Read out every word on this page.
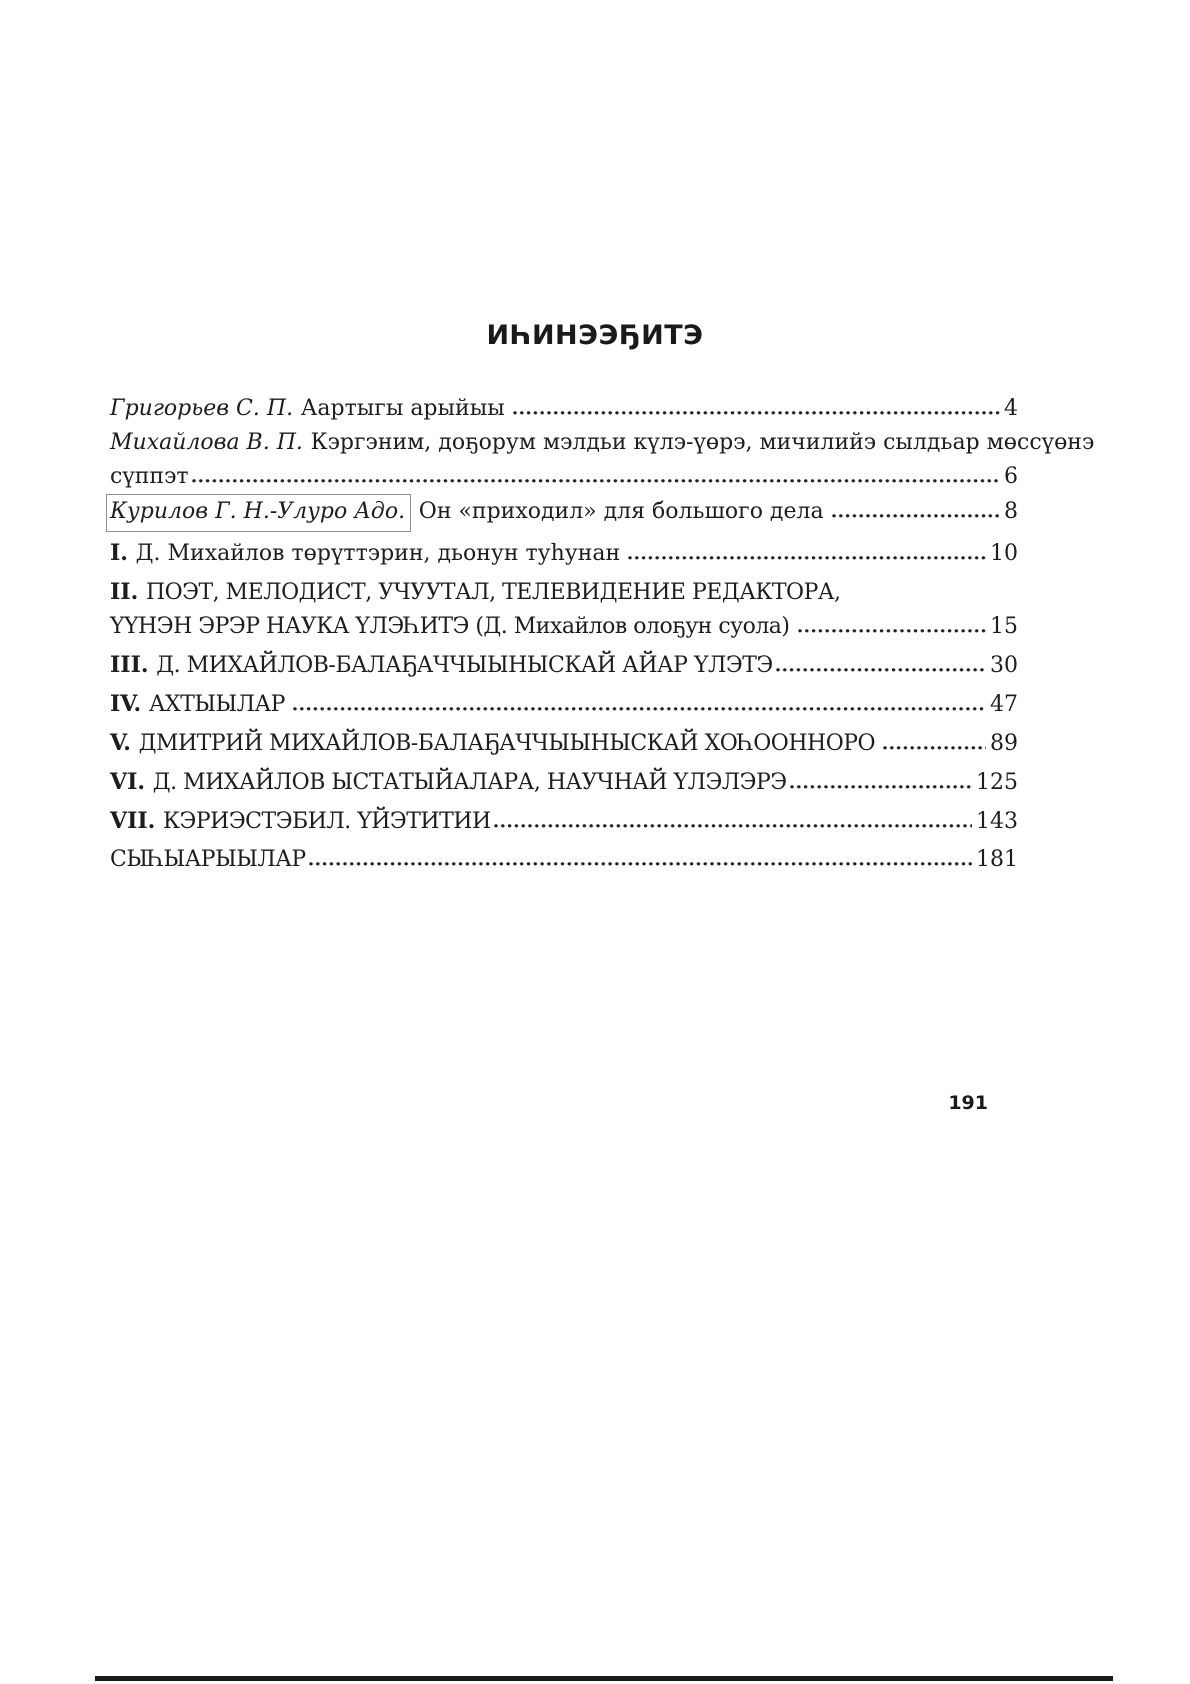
ИҺИНЭЭҔИТЭ
Григорьев С. П. Аартыгы арыйыы	4
Михайлова В. П. Кэргэним, доҕорум мэлдьи күлэ-үөрэ, мичилийэ сылдьар мөссүөнэ
сүппэт	6
Курилов Г. Н.-Улуро Адо. Он «приходил» для большого дела	8
I. Д. Михайлов төрүттэрин, дьонун туһунан	10
II. ПОЭТ, МЕЛОДИСТ, УЧУУТАЛ, ТЕЛЕВИДЕНИЕ РЕДАКТОРА,
ҮҮНЭН ЭРЭР НАУКА ҮЛЭҺИТЭ (Д. Михайлов олоҕун суола)	15
III. Д. МИХАЙЛОВ-БАЛАҔАЧЧЫЫНЫСКАЙ АЙАР ҮЛЭТЭ	30
IV. АХТЫЫЛАР	47
V. ДМИТРИЙ МИХАЙЛОВ-БАЛАҔАЧЧЫЫНЫСКАЙ ХОҺООННОРО	89
VI. Д. МИХАЙЛОВ ЫСТАТЫЙАЛАРА, НАУЧНАЙ ҮЛЭЛЭРЭ	125
VII. КЭРИЭСТЭБИЛ. ҮЙЭТИТИИ	143
СЫҺЫАРЫЫЛАР	181
191
